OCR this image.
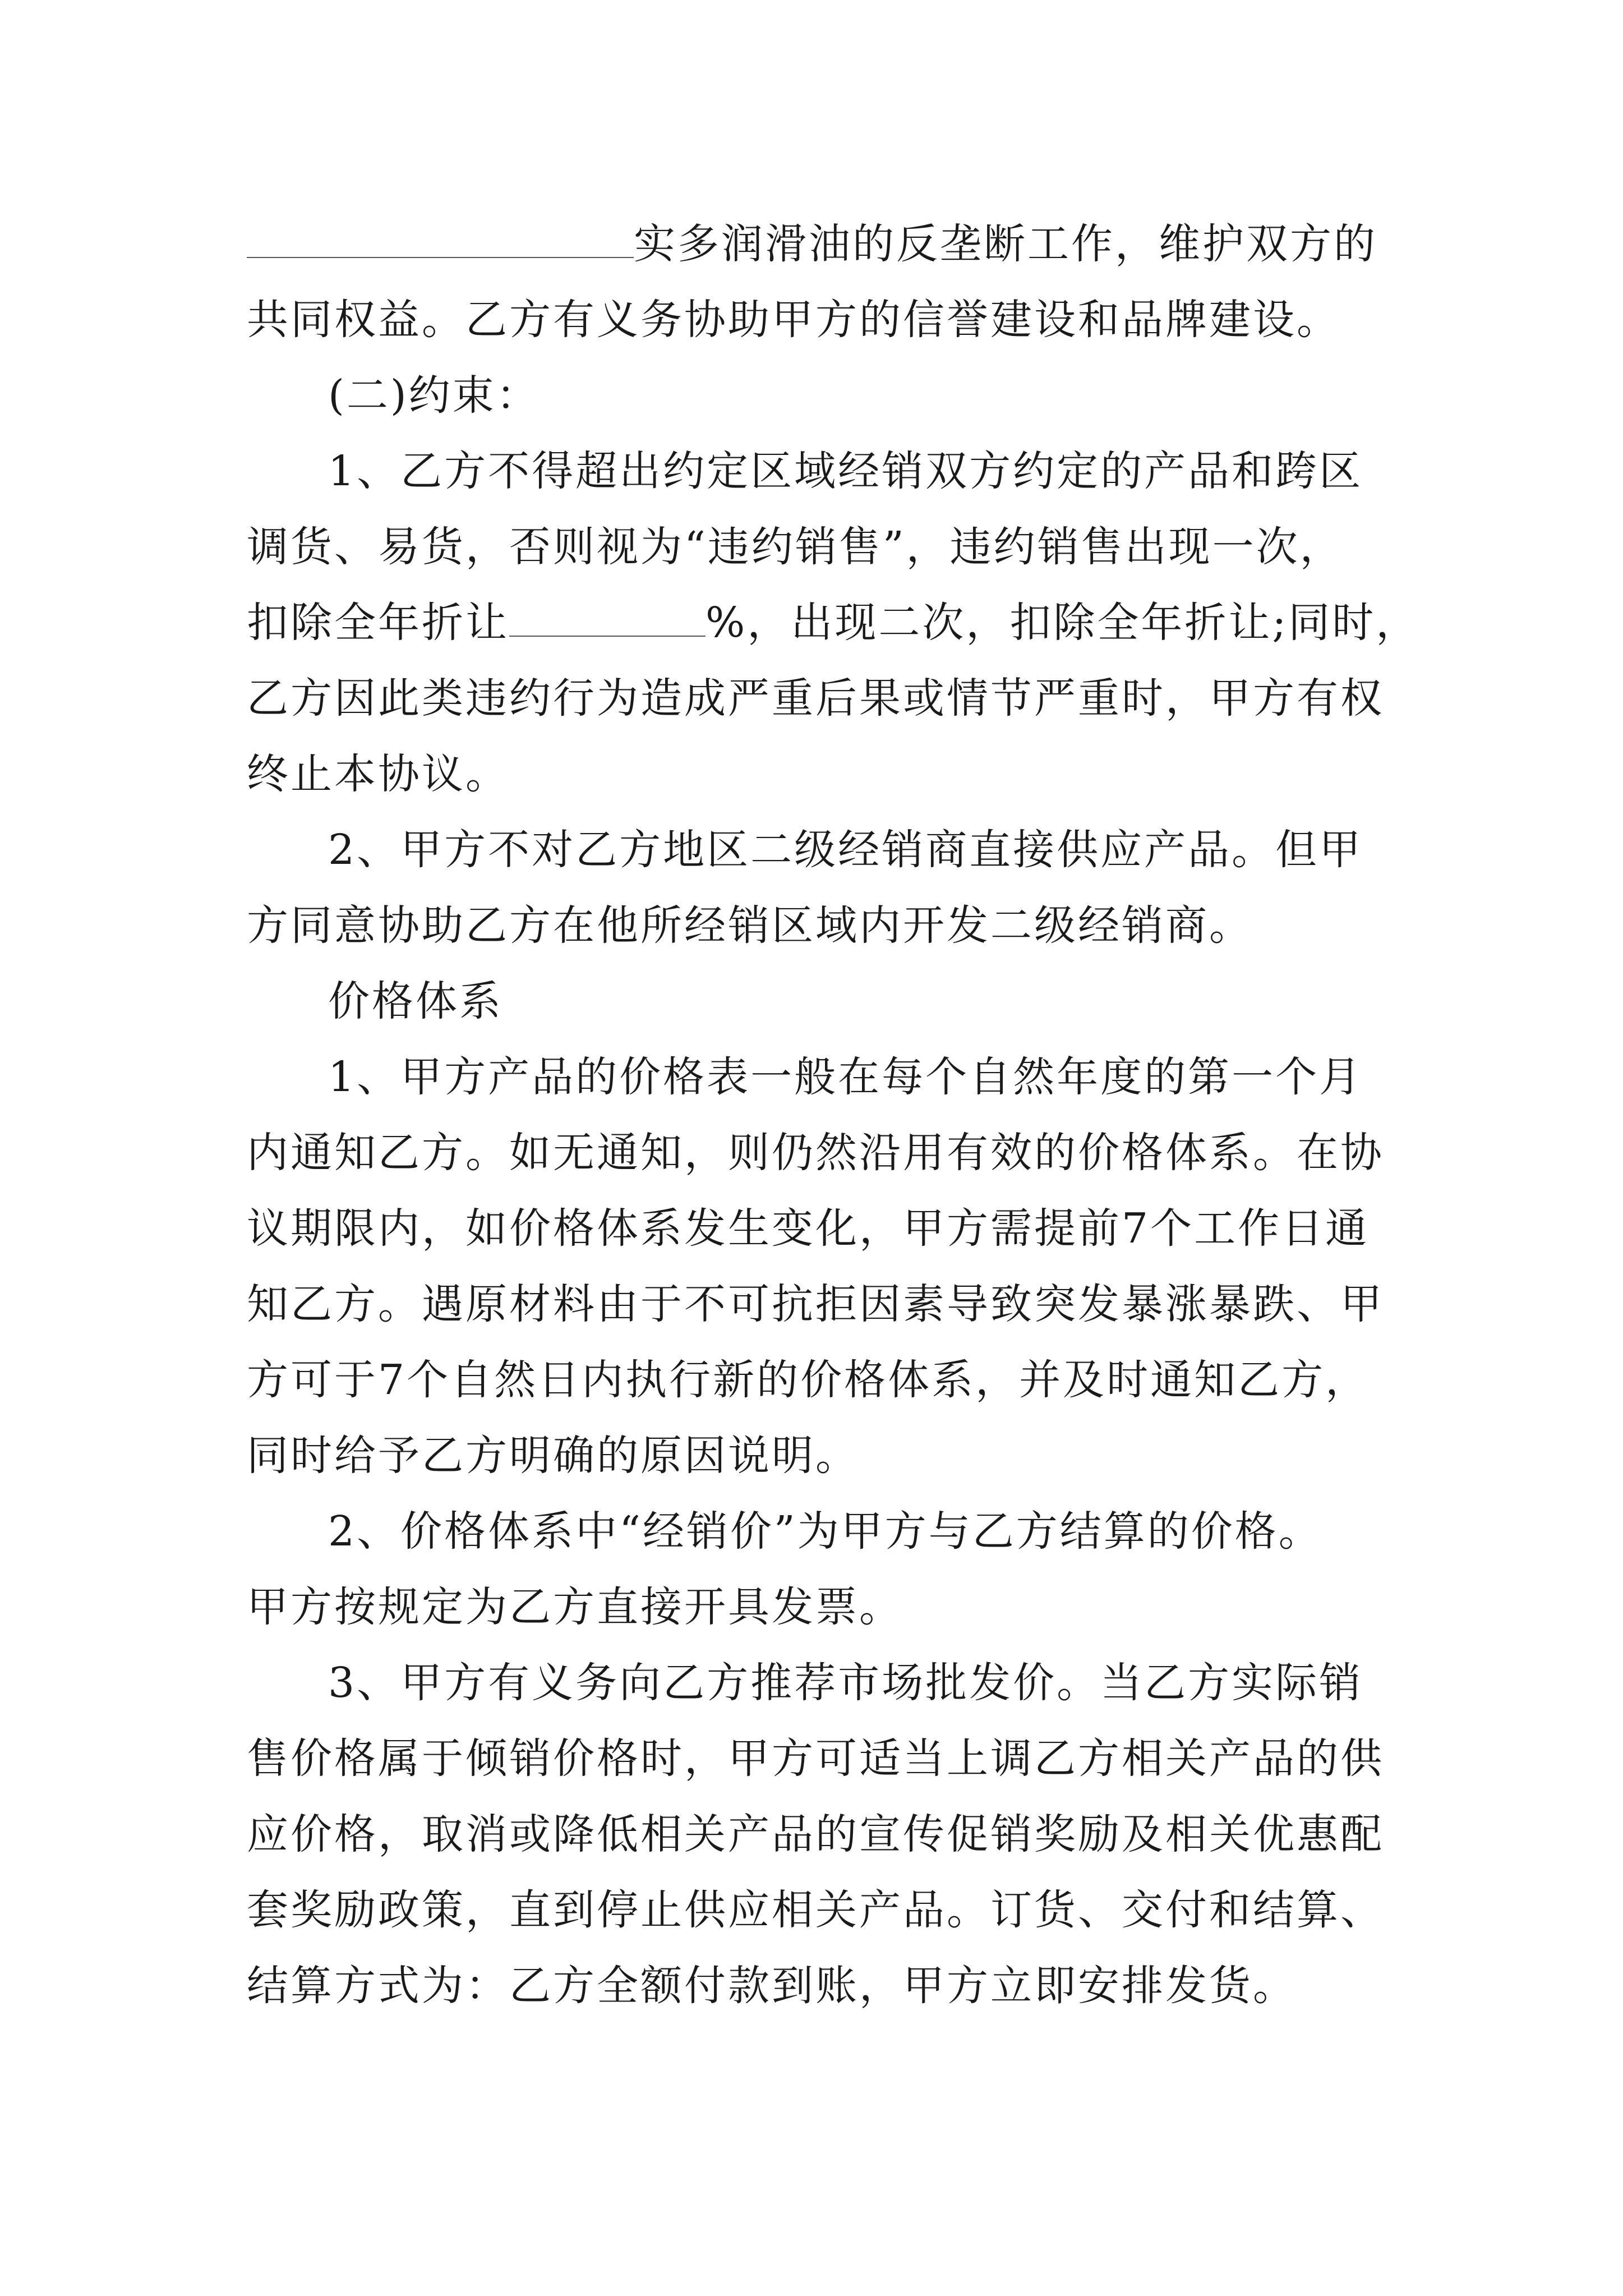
实多润滑油的反垄断工作，维护双方的
共同权益。乙方有义务协助甲方的信誉建设和品牌建设。
(二)约束：
1、乙方不得超出约定区域经销双方约定的产品和跨区
调货、易货，否则视为“违约销售”，违约销售出现一次，
扣除全年折让	%，出现二次，扣除全年折让;同时，
乙方因此类违约行为造成严重后果或情节严重时，甲方有权
终止本协议。
2、甲方不对乙方地区二级经销商直接供应产品。但甲
方同意协助乙方在他所经销区域内开发二级经销商。
价格体系
1、甲方产品的价格表一般在每个自然年度的第一个月
内通知乙方。如无通知，则仍然沿用有效的价格体系。在协
议期限内，如价格体系发生变化，甲方需提前7个工作日通
知乙方。遇原材料由于不可抗拒因素导致突发暴涨暴跌、甲
方可于7个自然日内执行新的价格体系，并及时通知乙方，
同时给予乙方明确的原因说明。
2、价格体系中“经销价”为甲方与乙方结算的价格。
甲方按规定为乙方直接开具发票。
3、甲方有义务向乙方推荐市场批发价。当乙方实际销
售价格属于倾销价格时，甲方可适当上调乙方相关产品的供
应价格，取消或降低相关产品的宣传促销奖励及相关优惠配
套奖励政策，直到停止供应相关产品。订货、交付和结算、
结算方式为：乙方全额付款到账，甲方立即安排发货。
